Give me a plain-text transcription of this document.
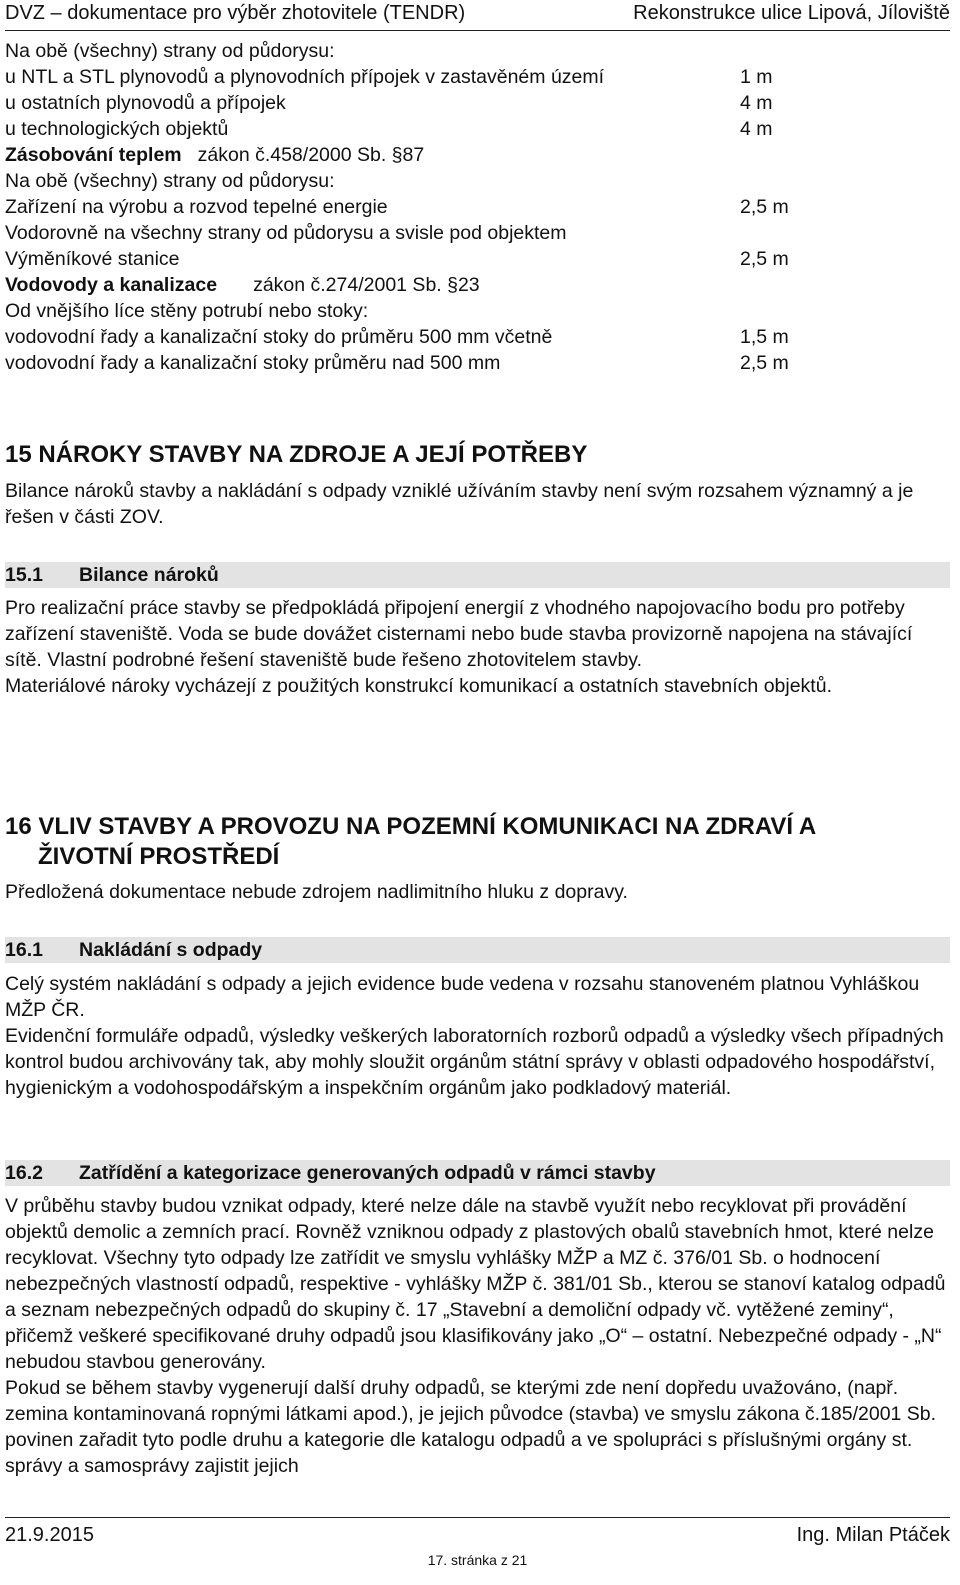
DVZ – dokumentace pro výběr zhotovitele (TENDR)	Rekonstrukce ulice Lipová, Jíloviště
Na obě (všechny) strany od půdorysu:
u NTL a STL plynovodů a plynovodních přípojek v zastavěném území	1 m
u ostatních plynovodů a přípojek	4 m
u technologických objektů	4 m
Zásobování teplem zákon č.458/2000 Sb. §87
Na obě (všechny) strany od půdorysu:
Zařízení na výrobu a rozvod tepelné energie	2,5 m
Vodorovně na všechny strany od půdorysu a svisle pod objektem
Výměníkové stanice	2,5 m
Vodovody a kanalizace zákon č.274/2001 Sb. §23
Od vnějšího líce stěny potrubí nebo stoky:
vodovodní řady a kanalizační stoky do průměru 500 mm včetně	1,5 m
vodovodní řady a kanalizační stoky průměru nad 500 mm	2,5 m
15 NÁROKY STAVBY NA ZDROJE A JEJÍ POTŘEBY
Bilance nároků stavby a nakládání s odpady vzniklé užíváním stavby není svým rozsahem významný a je řešen v části ZOV.
15.1 Bilance nároků

Pro realizační práce stavby se předpokládá připojení energií z vhodného napojovacího bodu pro potřeby zařízení staveniště. Voda se bude dovážet cisternami nebo bude stavba provizorně napojena na stávající sítě. Vlastní podrobné řešení staveniště bude řešeno zhotovitelem stavby.

Materiálové nároky vycházejí z použitých konstrukcí komunikací a ostatních stavebních objektů.

16 VLIV STAVBY A PROVOZU NA POZEMNÍ KOMUNIKACI NA ZDRAVÍ A
ŽIVOTNÍ PROSTŘEDÍ
Předložená dokumentace nebude zdrojem nadlimitního hluku z dopravy.
16.1 Nakládání s odpady

Celý systém nakládání s odpady a jejich evidence bude vedena v rozsahu stanoveném platnou Vyhláškou MŽP ČR.

Evidenční formuláře odpadů, výsledky veškerých laboratorních rozborů odpadů a výsledky všech případných kontrol budou archivovány tak, aby mohly sloužit orgánům státní správy v oblasti odpadového hospodářství, hygienickým a vodohospodářským a inspekčním orgánům jako podkladový materiál.

16.2 Zatřídění a kategorizace generovaných odpadů v rámci stavby

V průběhu stavby budou vznikat odpady, které nelze dále na stavbě využít nebo recyklovat při provádění objektů demolic a zemních prací. Rovněž vzniknou odpady z plastových obalů stavebních hmot, které nelze recyklovat. Všechny tyto odpady lze zatřídit ve smyslu vyhlášky MŽP a MZ č. 376/01 Sb. o hodnocení nebezpečných vlastností odpadů, respektive - vyhlášky MŽP č. 381/01 Sb., kterou se stanoví katalog odpadů a seznam nebezpečných odpadů do skupiny č. 17 „Stavební a demoliční odpady vč. vytěžené zeminy“, přičemž veškeré specifikované druhy odpadů jsou klasifikovány jako „O“ – ostatní. Nebezpečné odpady - „N“ nebudou stavbou generovány.

Pokud se během stavby vygenerují další druhy odpadů, se kterými zde není dopředu uvažováno, (např. zemina kontaminovaná ropnými látkami apod.), je jejich původce (stavba) ve smyslu zákona č.185/2001 Sb. povinen zařadit tyto podle druhu a kategorie dle katalogu odpadů a ve spolupráci s příslušnými orgány st. správy a samosprávy zajistit jejich

21.9.2015	Ing. Milan Ptáček
17. stránka z 21
